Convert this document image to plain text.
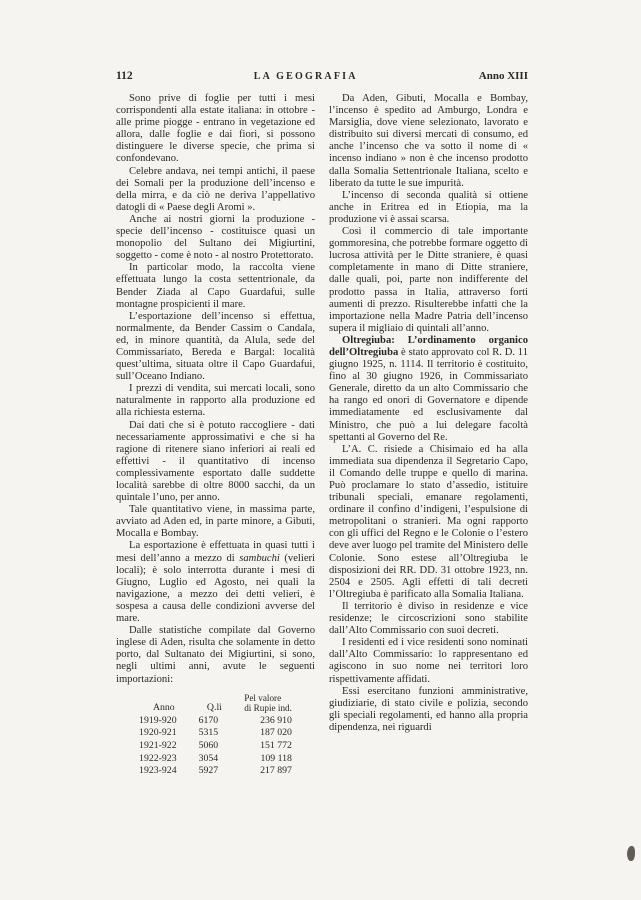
112	LA GEOGRAFIA	Anno XIII

Sono prive di foglie per tutti i mesi corrispondenti alla estate italiana: in ottobre - alle prime piogge - entrano in vegetazione ed allora, dalle foglie e dai fiori, si possono distinguere le diverse specie, che prima si confondevano.

Celebre andava, nei tempi antichi, il paese dei Somali per la produzione dell’incenso e della mirra, e da ciò ne deriva l’appellativo datogli di « Paese degli Aromi ».

Anche ai nostri giorni la produzione - specie dell’incenso - costituisce quasi un monopolio del Sultano dei Migiurtini, soggetto - come è noto - al nostro Protettorato.

In particolar modo, la raccolta viene effettuata lungo la costa settentrionale, da Bender Ziada al Capo Guardafui, sulle montagne prospicienti il mare.

L’esportazione dell’incenso si effettua, normalmente, da Bender Cassim o Candala, ed, in minore quantità, da Alula, sede del Commissariato, Bereda e Bargal: località quest’ultima, situata oltre il Capo Guardafui, sull’Oceano Indiano.

I prezzi di vendita, sui mercati locali, sono naturalmente in rapporto alla produzione ed alla richiesta esterna.

Dai dati che si è potuto raccogliere - dati necessariamente approssimativi e che si ha ragione di ritenere siano inferiori ai reali ed effettivi - il quantitativo di incenso complessivamente esportato dalle suddette località sarebbe di oltre 8000 sacchi, da un quintale l’uno, per anno.

Tale quantitativo viene, in massima parte, avviato ad Aden ed, in parte minore, a Gibuti, Mocalla e Bombay.

La esportazione è effettuata in quasi tutti i mesi dell’anno a mezzo di sambuchi (velieri locali); è solo interrotta durante i mesi di Giugno, Luglio ed Agosto, nei quali la navigazione, a mezzo dei detti velieri, è sospesa a causa delle condizioni avverse del mare.

Dalle statistiche compilate dal Governo inglese di Aden, risulta che solamente in detto porto, dal Sultanato dei Migiurtini, si sono, negli ultimi anni, avute le seguenti importazioni:

Anno	Q.li	Pel valore
di Rupie ind.
1919-920	6170	236 910
1920-921	5315	187 020
1921-922	5060	151 772
1922-923	3054	109 118
1923-924	5927	217 897

Da Aden, Gibuti, Mocalla e Bombay, l’incenso è spedito ad Amburgo, Londra e Marsiglia, dove viene selezionato, lavorato e distribuito sui diversi mercati di consumo, ed anche l’incenso che va sotto il nome di « incenso indiano » non è che incenso prodotto dalla Somalia Settentrionale Italiana, scelto e liberato da tutte le sue impurità.

L’incenso di seconda qualità si ottiene anche in Eritrea ed in Etiopia, ma la produzione vi è assai scarsa.

Così il commercio di tale importante gommoresina, che potrebbe formare oggetto di lucrosa attività per le Ditte straniere, è quasi completamente in mano di Ditte straniere, dalle quali, poi, parte non indifferente del prodotto passa in Italia, attraverso forti aumenti di prezzo. Risulterebbe infatti che la importazione nella Madre Patria dell’incenso supera il migliaio di quintali all’anno.

Oltregiuba: L’ordinamento organico dell’Oltregiuba è stato approvato col R. D. 11 giugno 1925, n. 1114. Il territorio è costituito, fino al 30 giugno 1926, in Commissariato Generale, diretto da un alto Commissario che ha rango ed onori di Governatore e dipende immediatamente ed esclusivamente dal Ministro, che può a lui delegare facoltà spettanti al Governo del Re.

L’A. C. risiede a Chisimaio ed ha alla immediata sua dipendenza il Segretario Capo, il Comando delle truppe e quello di marina. Può proclamare lo stato d’assedio, istituire tribunali speciali, emanare regolamenti, ordinare il confino d’indigeni, l’espulsione di metropolitani o stranieri. Ma ogni rapporto con gli uffici del Regno e le Colonie o l’estero deve aver luogo pel tramite del Ministero delle Colonie. Sono estese all’Oltregiuba le disposizioni dei RR. DD. 31 ottobre 1923, nn. 2504 e 2505. Agli effetti di tali decreti l’Oltregiuba è parificato alla Somalia Italiana.

Il territorio è diviso in residenze e vice residenze; le circoscrizioni sono stabilite dall’Alto Commissario con suoi decreti.

I residenti ed i vice residenti sono nominati dall’Alto Commissario: lo rappresentano ed agiscono in suo nome nei territori loro rispettivamente affidati.

Essi esercitano funzioni amministrative, giudiziarie, di stato civile e polizia, secondo gli speciali regolamenti, ed hanno alla propria dipendenza, nei riguardi
